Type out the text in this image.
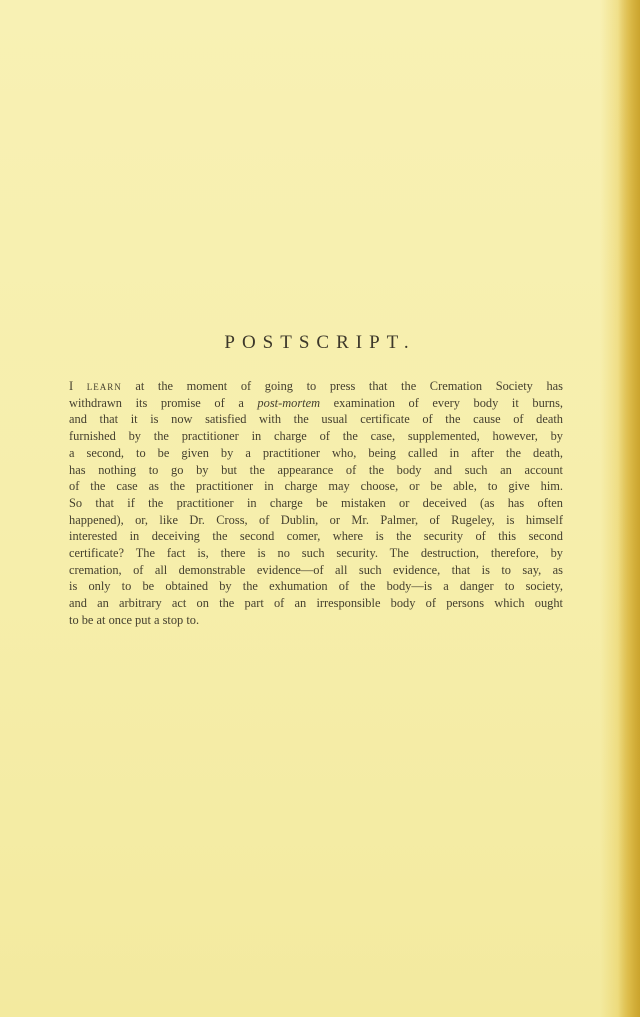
POSTSCRIPT.
I learn at the moment of going to press that the Cremation Society has
withdrawn its promise of a post-mortem examination of every body it burns,
and that it is now satisfied with the usual certificate of the cause of death
furnished by the practitioner in charge of the case, supplemented, however, by
a second, to be given by a practitioner who, being called in after the death,
has nothing to go by but the appearance of the body and such an account
of the case as the practitioner in charge may choose, or be able, to give him.
So that if the practitioner in charge be mistaken or deceived (as has often
happened), or, like Dr. Cross, of Dublin, or Mr. Palmer, of Rugeley, is himself
interested in deceiving the second comer, where is the security of this second
certificate? The fact is, there is no such security. The destruction, therefore, by
cremation, of all demonstrable evidence—of all such evidence, that is to say, as
is only to be obtained by the exhumation of the body—is a danger to society,
and an arbitrary act on the part of an irresponsible body of persons which ought
to be at once put a stop to.
